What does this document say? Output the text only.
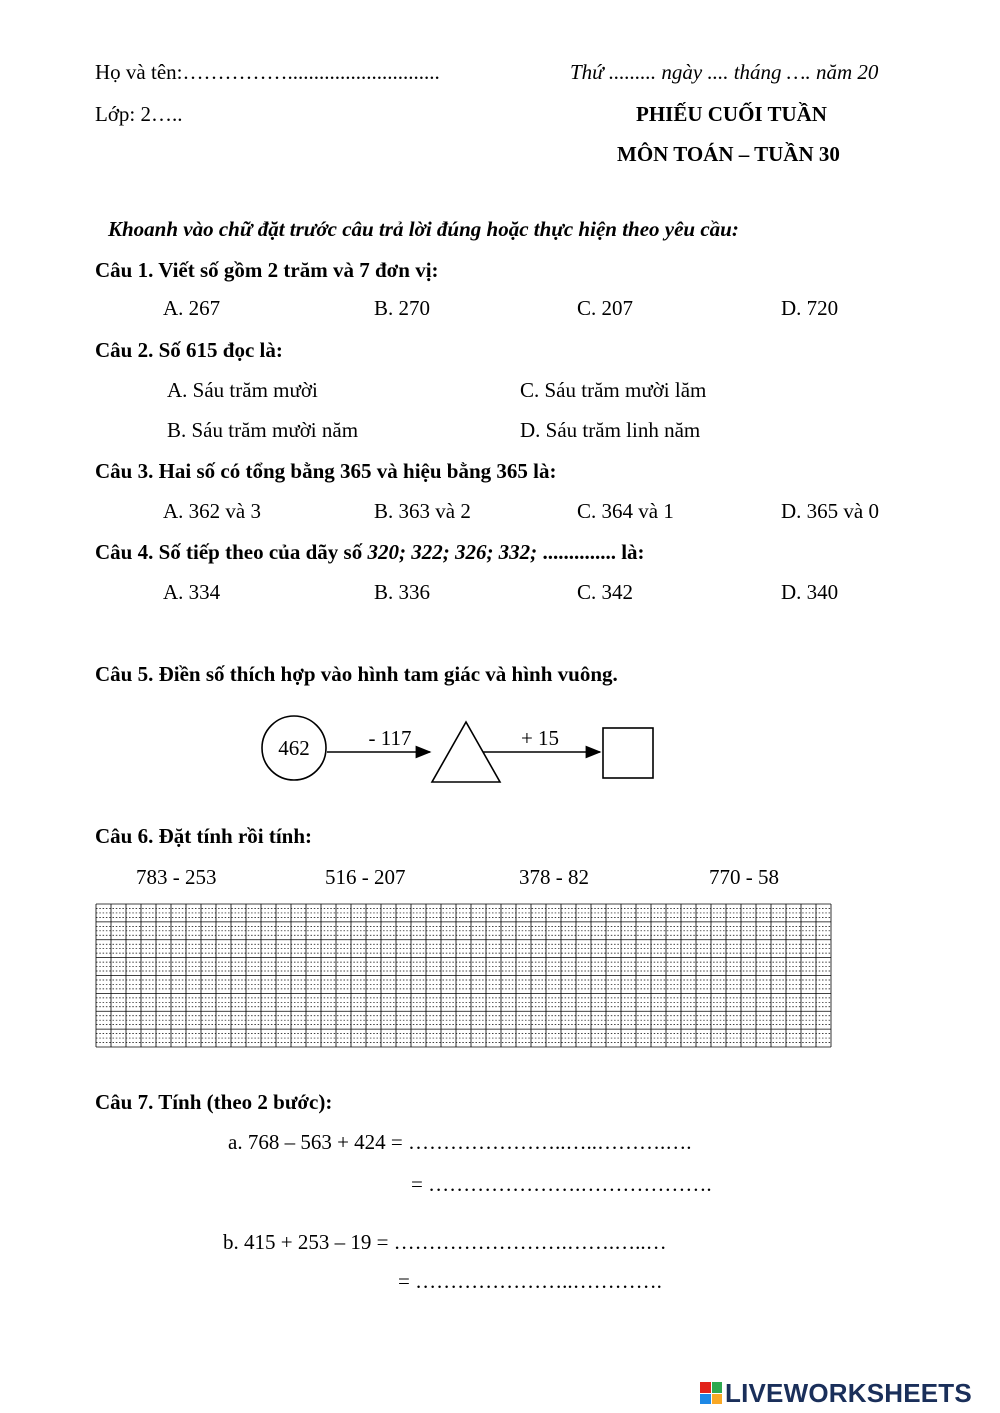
Họ và tên:…………….............................	Thứ ......... ngày .... tháng …. năm 20
Lớp: 2…..	PHIẾU CUỐI TUẦN
MÔN TOÁN – TUẦN 30
Khoanh vào chữ đặt trước câu trả lời đúng hoặc thực hiện theo yêu cầu:
Câu 1. Viết số gồm 2 trăm và 7 đơn vị:
A. 267	B. 270	C. 207	D. 720
Câu 2. Số 615 đọc là:
A. Sáu trăm mười	C. Sáu trăm mười lăm
B. Sáu trăm mười năm	D. Sáu trăm linh năm
Câu 3. Hai số có tổng bằng 365 và hiệu bằng 365 là:
A. 362 và 3	B. 363 và 2	C. 364 và 1	D. 365 và 0
Câu 4. Số tiếp theo của dãy số 320; 322; 326; 332; .............. là:
A. 334	B. 336	C. 342	D. 340
Câu 5. Điền số thích hợp vào hình tam giác và hình vuông.
462	- 117	+ 15
Câu 6. Đặt tính rồi tính:
783 - 253	516 - 207	378 - 82	770 - 58
Câu 7. Tính (theo 2 bước):
a. 768 – 563 + 424 = …………………..…..……….….
= ………………….……………….
b. 415 + 253 – 19 = …………………….…….…..…
= …………………..………….
LIVEWORKSHEETS
